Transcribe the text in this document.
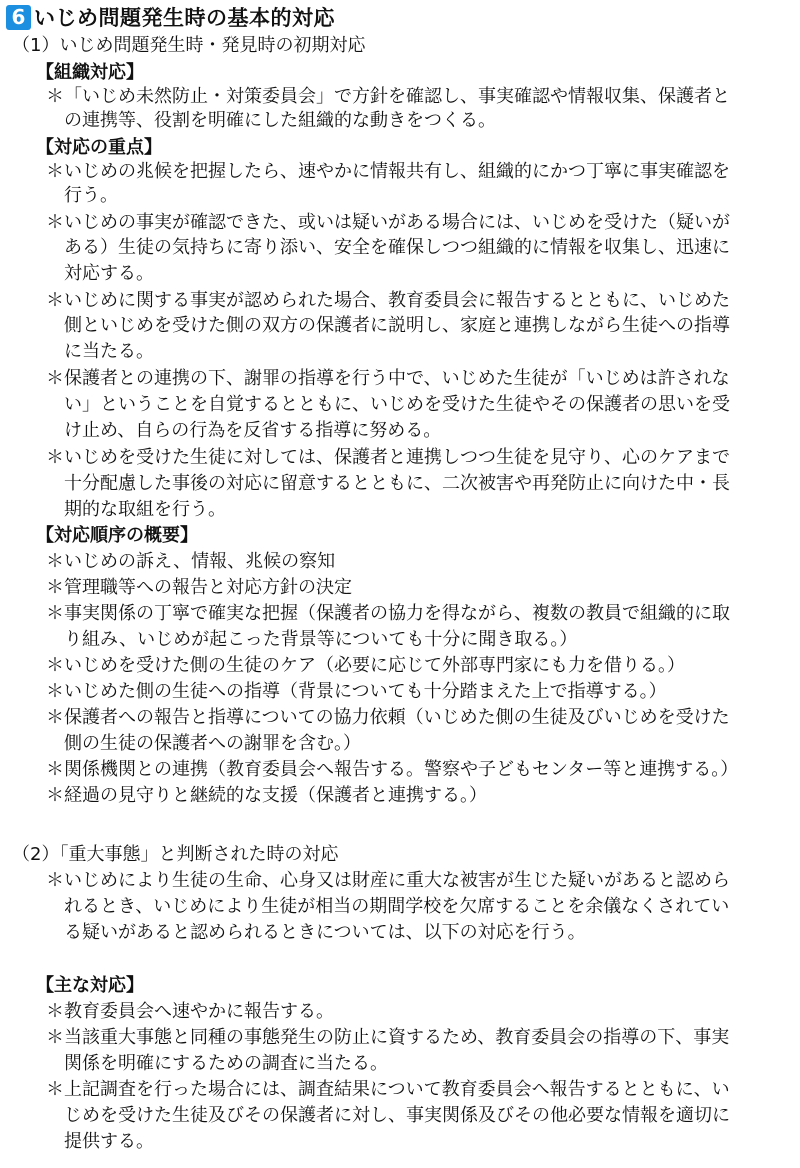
6 いじめ問題発生時の基本的対応
（1）いじめ問題発生時・発見時の初期対応
【組織対応】
＊「いじめ未然防止・対策委員会」で方針を確認し、事実確認や情報収集、保護者と
の連携等、役割を明確にした組織的な動きをつくる。
【対応の重点】
＊いじめの兆候を把握したら、速やかに情報共有し、組織的にかつ丁寧に事実確認を
行う。
＊いじめの事実が確認できた、或いは疑いがある場合には、いじめを受けた（疑いが
ある）生徒の気持ちに寄り添い、安全を確保しつつ組織的に情報を収集し、迅速に
対応する。
＊いじめに関する事実が認められた場合、教育委員会に報告するとともに、いじめた
側といじめを受けた側の双方の保護者に説明し、家庭と連携しながら生徒への指導
に当たる。
＊保護者との連携の下、謝罪の指導を行う中で、いじめた生徒が「いじめは許されな
い」ということを自覚するとともに、いじめを受けた生徒やその保護者の思いを受
け止め、自らの行為を反省する指導に努める。
＊いじめを受けた生徒に対しては、保護者と連携しつつ生徒を見守り、心のケアまで
十分配慮した事後の対応に留意するとともに、二次被害や再発防止に向けた中・長
期的な取組を行う。
【対応順序の概要】
＊いじめの訴え、情報、兆候の察知
＊管理職等への報告と対応方針の決定
＊事実関係の丁寧で確実な把握（保護者の協力を得ながら、複数の教員で組織的に取
り組み、いじめが起こった背景等についても十分に聞き取る。）
＊いじめを受けた側の生徒のケア（必要に応じて外部専門家にも力を借りる。）
＊いじめた側の生徒への指導（背景についても十分踏まえた上で指導する。）
＊保護者への報告と指導についての協力依頼（いじめた側の生徒及びいじめを受けた
側の生徒の保護者への謝罪を含む。）
＊関係機関との連携（教育委員会へ報告する。警察や子どもセンター等と連携する。）
＊経過の見守りと継続的な支援（保護者と連携する。）
（2）「重大事態」と判断された時の対応
＊いじめにより生徒の生命、心身又は財産に重大な被害が生じた疑いがあると認めら
れるとき、いじめにより生徒が相当の期間学校を欠席することを余儀なくされてい
る疑いがあると認められるときについては、以下の対応を行う。
【主な対応】
＊教育委員会へ速やかに報告する。
＊当該重大事態と同種の事態発生の防止に資するため、教育委員会の指導の下、事実
関係を明確にするための調査に当たる。
＊上記調査を行った場合には、調査結果について教育委員会へ報告するとともに、い
じめを受けた生徒及びその保護者に対し、事実関係及びその他必要な情報を適切に
提供する。
